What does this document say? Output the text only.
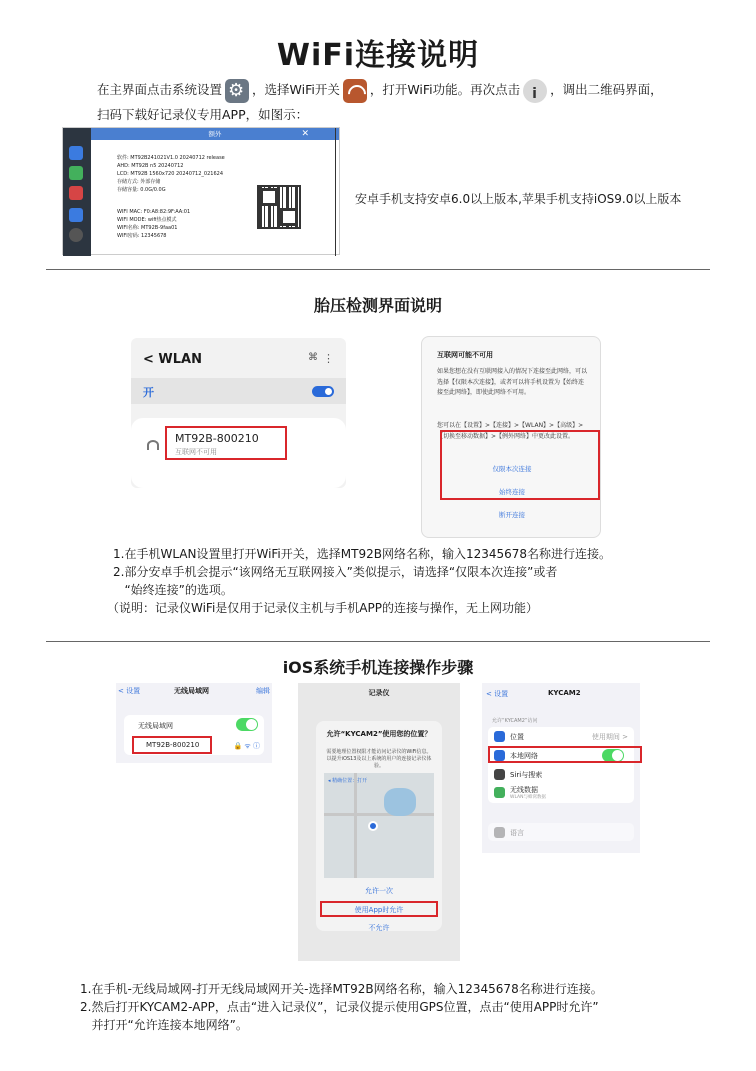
WiFi连接说明
在主界面点击系统设置 ⚙ ，选择WiFi开关 ，打开WiFi功能。再次点击 i ，调出二维码界面，
扫码下载好记录仪专用APP，如图示：
额外	✕
软件: MT92B241021V1.0 20240712 release
AHD: MT92B n5 20240712
LCD: MT92B 1560x720 20240712_021624
存储方式: 外部存储
存储容量: 0.0G/0.0G
WIFI MAC: F0:A8:82:9F:AA:01
WIFI MODE: wifi热点模式
WIFI名称: MT92B-9faa01
WIFI密码: 12345678
安卓手机支持安卓6.0以上版本,苹果手机支持iOS9.0以上版本
胎压检测界面说明
< WLAN	⌘ ⋮
开
MT92B-800210
互联网不可用
互联网可能不可用
如果您想在没有互联网接入的情况下连接至此网络，可以选择【仅限本次连接】，或者可以将手机设置为【始终连接至此网络】，即使此网络不可用。
您可以在【设置】>【连接】>【WLAN】>【高级】>【切换至移动数据】>【例外网络】中更改此设置。
仅限本次连接
始终连接
断开连接
1.在手机WLAN设置里打开WiFi开关，选择MT92B网络名称，输入12345678名称进行连接。
2.部分安卓手机会提示“该网络无互联网接入”类似提示，请选择“仅限本次连接”或者
“始终连接”的选项。
（说明：记录仪WiFi是仅用于记录仪主机与手机APP的连接与操作，无上网功能）
iOS系统手机连接操作步骤
< 设置	无线局域网	编辑
无线局域网
MT92B-800210	🔒 ᯤ ⓘ
记录仪
允许“KYCAM2”使用您的位置？
需要地理位置权限才能访问记录仪的WiFi信息。以提升iOS13及以上系统的用户的连接记录仪体验。
◂ 精确位置：打开
允许一次
使用App时允许
不允许
< 设置	KYCAM2
允许“KYCAM2”访问
位置	使用期间 >
本地网络
Siri与搜索
无线数据
WLAN与蜂窝数据
语言
1.在手机-无线局域网-打开无线局域网开关-选择MT92B网络名称，输入12345678名称进行连接。
2.然后打开KYCAM2-APP，点击“进入记录仪”，记录仪提示使用GPS位置，点击“使用APP时允许”
并打开“允许连接本地网络”。
